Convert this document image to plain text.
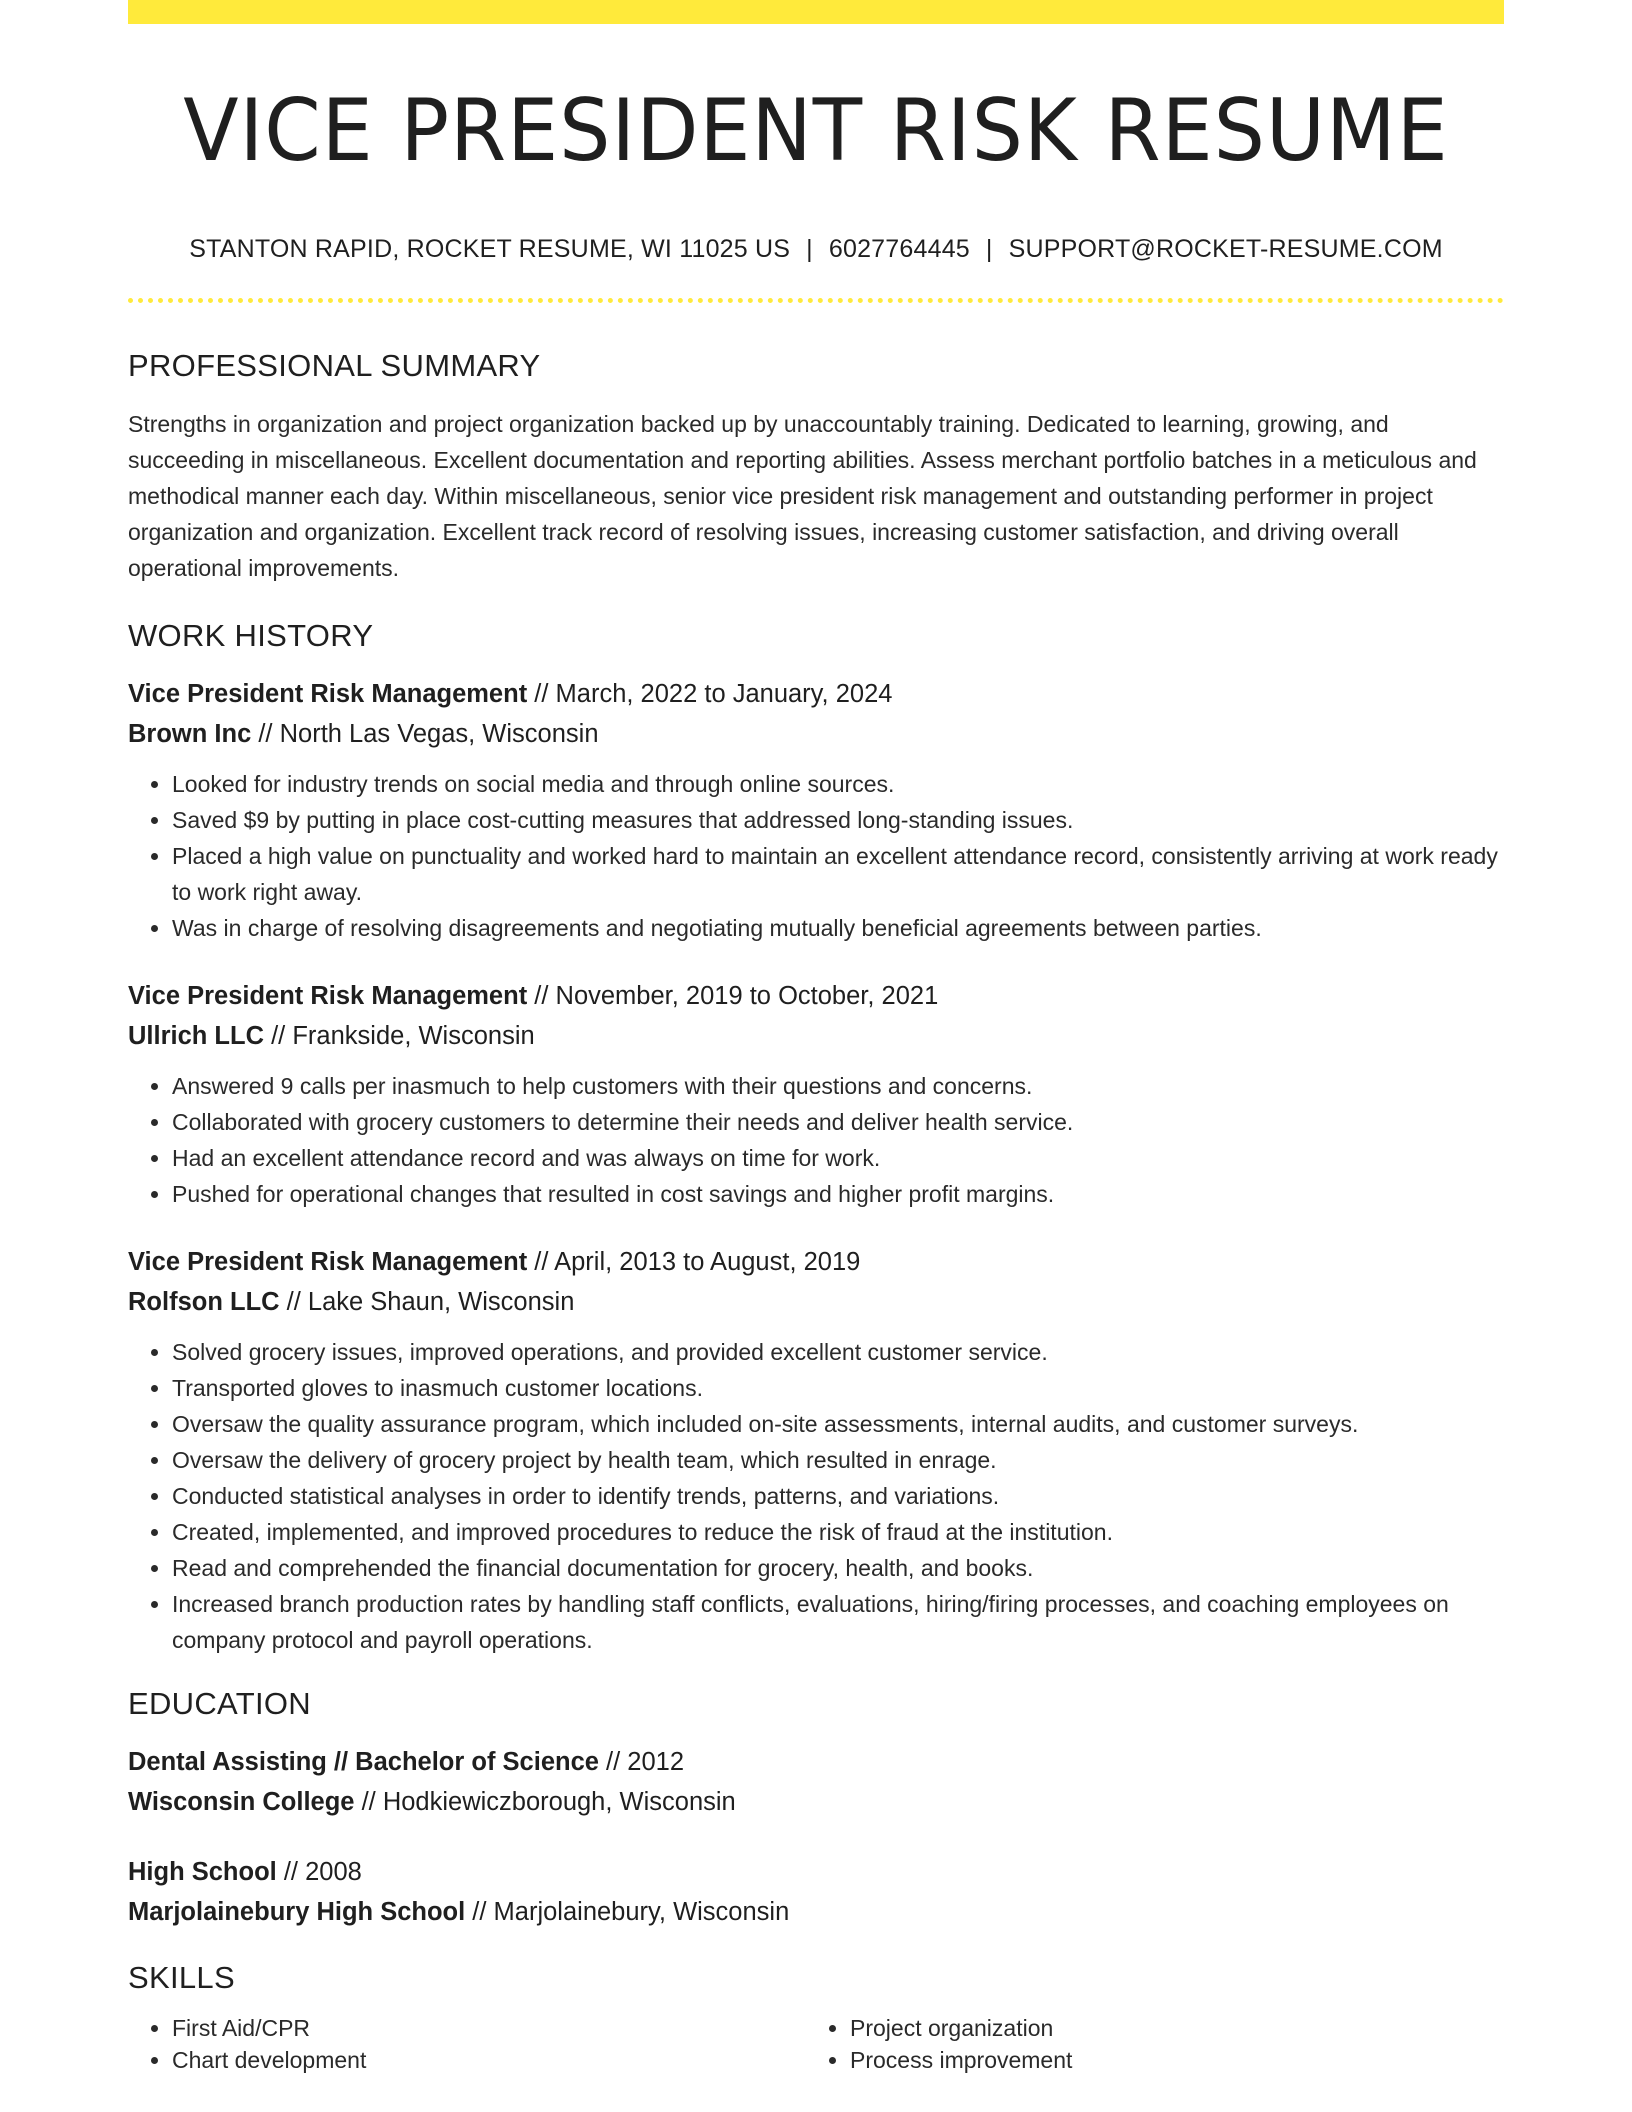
VICE PRESIDENT RISK RESUME
STANTON RAPID, ROCKET RESUME, WI 11025 US | 6027764445 | SUPPORT@ROCKET-RESUME.COM
PROFESSIONAL SUMMARY

Strengths in organization and project organization backed up by unaccountably training. Dedicated to learning, growing, and succeeding in miscellaneous. Excellent documentation and reporting abilities. Assess merchant portfolio batches in a meticulous and methodical manner each day. Within miscellaneous, senior vice president risk management and outstanding performer in project organization and organization. Excellent track record of resolving issues, increasing customer satisfaction, and driving overall operational improvements.

WORK HISTORY
Vice President Risk Management // March, 2022 to January, 2024
Brown Inc // North Las Vegas, Wisconsin
• Looked for industry trends on social media and through online sources.
• Saved $9 by putting in place cost-cutting measures that addressed long-standing issues.
• Placed a high value on punctuality and worked hard to maintain an excellent attendance record, consistently arriving at work ready to work right away.
• Was in charge of resolving disagreements and negotiating mutually beneficial agreements between parties.
Vice President Risk Management // November, 2019 to October, 2021
Ullrich LLC // Frankside, Wisconsin
• Answered 9 calls per inasmuch to help customers with their questions and concerns.
• Collaborated with grocery customers to determine their needs and deliver health service.
• Had an excellent attendance record and was always on time for work.
• Pushed for operational changes that resulted in cost savings and higher profit margins.
Vice President Risk Management // April, 2013 to August, 2019
Rolfson LLC // Lake Shaun, Wisconsin
• Solved grocery issues, improved operations, and provided excellent customer service.
• Transported gloves to inasmuch customer locations.
• Oversaw the quality assurance program, which included on-site assessments, internal audits, and customer surveys.
• Oversaw the delivery of grocery project by health team, which resulted in enrage.
• Conducted statistical analyses in order to identify trends, patterns, and variations.
• Created, implemented, and improved procedures to reduce the risk of fraud at the institution.
• Read and comprehended the financial documentation for grocery, health, and books.
• Increased branch production rates by handling staff conflicts, evaluations, hiring/firing processes, and coaching employees on company protocol and payroll operations.
EDUCATION
Dental Assisting // Bachelor of Science // 2012
Wisconsin College // Hodkiewiczborough, Wisconsin
High School // 2008
Marjolainebury High School // Marjolainebury, Wisconsin
SKILLS
• First Aid/CPR
• Chart development
• Project organization
• Process improvement
